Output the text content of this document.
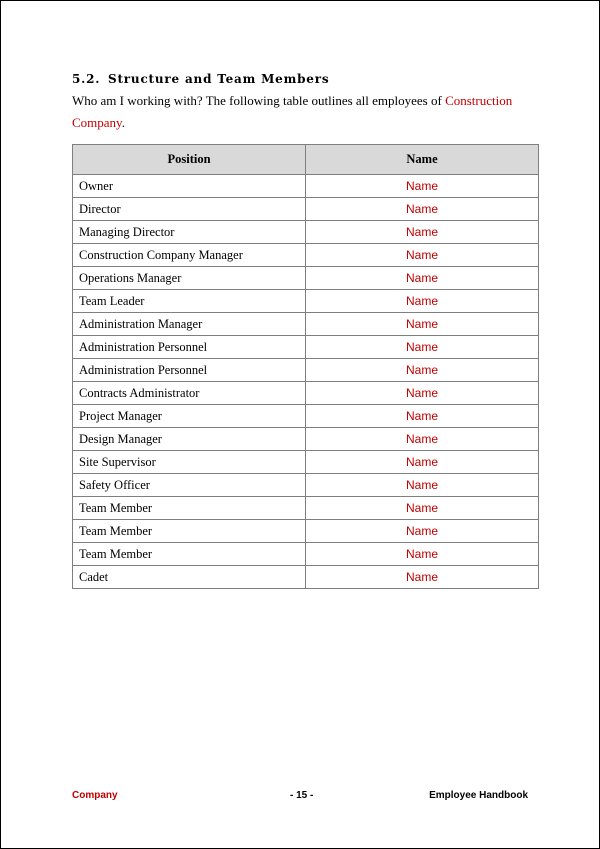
5.2. Structure and Team Members
Who am I working with? The following table outlines all employees of Construction Company.
Position	Name
Owner	Name
Director	Name
Managing Director	Name
Construction Company Manager	Name
Operations Manager	Name
Team Leader	Name
Administration Manager	Name
Administration Personnel	Name
Administration Personnel	Name
Contracts Administrator	Name
Project Manager	Name
Design Manager	Name
Site Supervisor	Name
Safety Officer	Name
Team Member	Name
Team Member	Name
Team Member	Name
Cadet	Name
Company	- 15 -	Employee Handbook
